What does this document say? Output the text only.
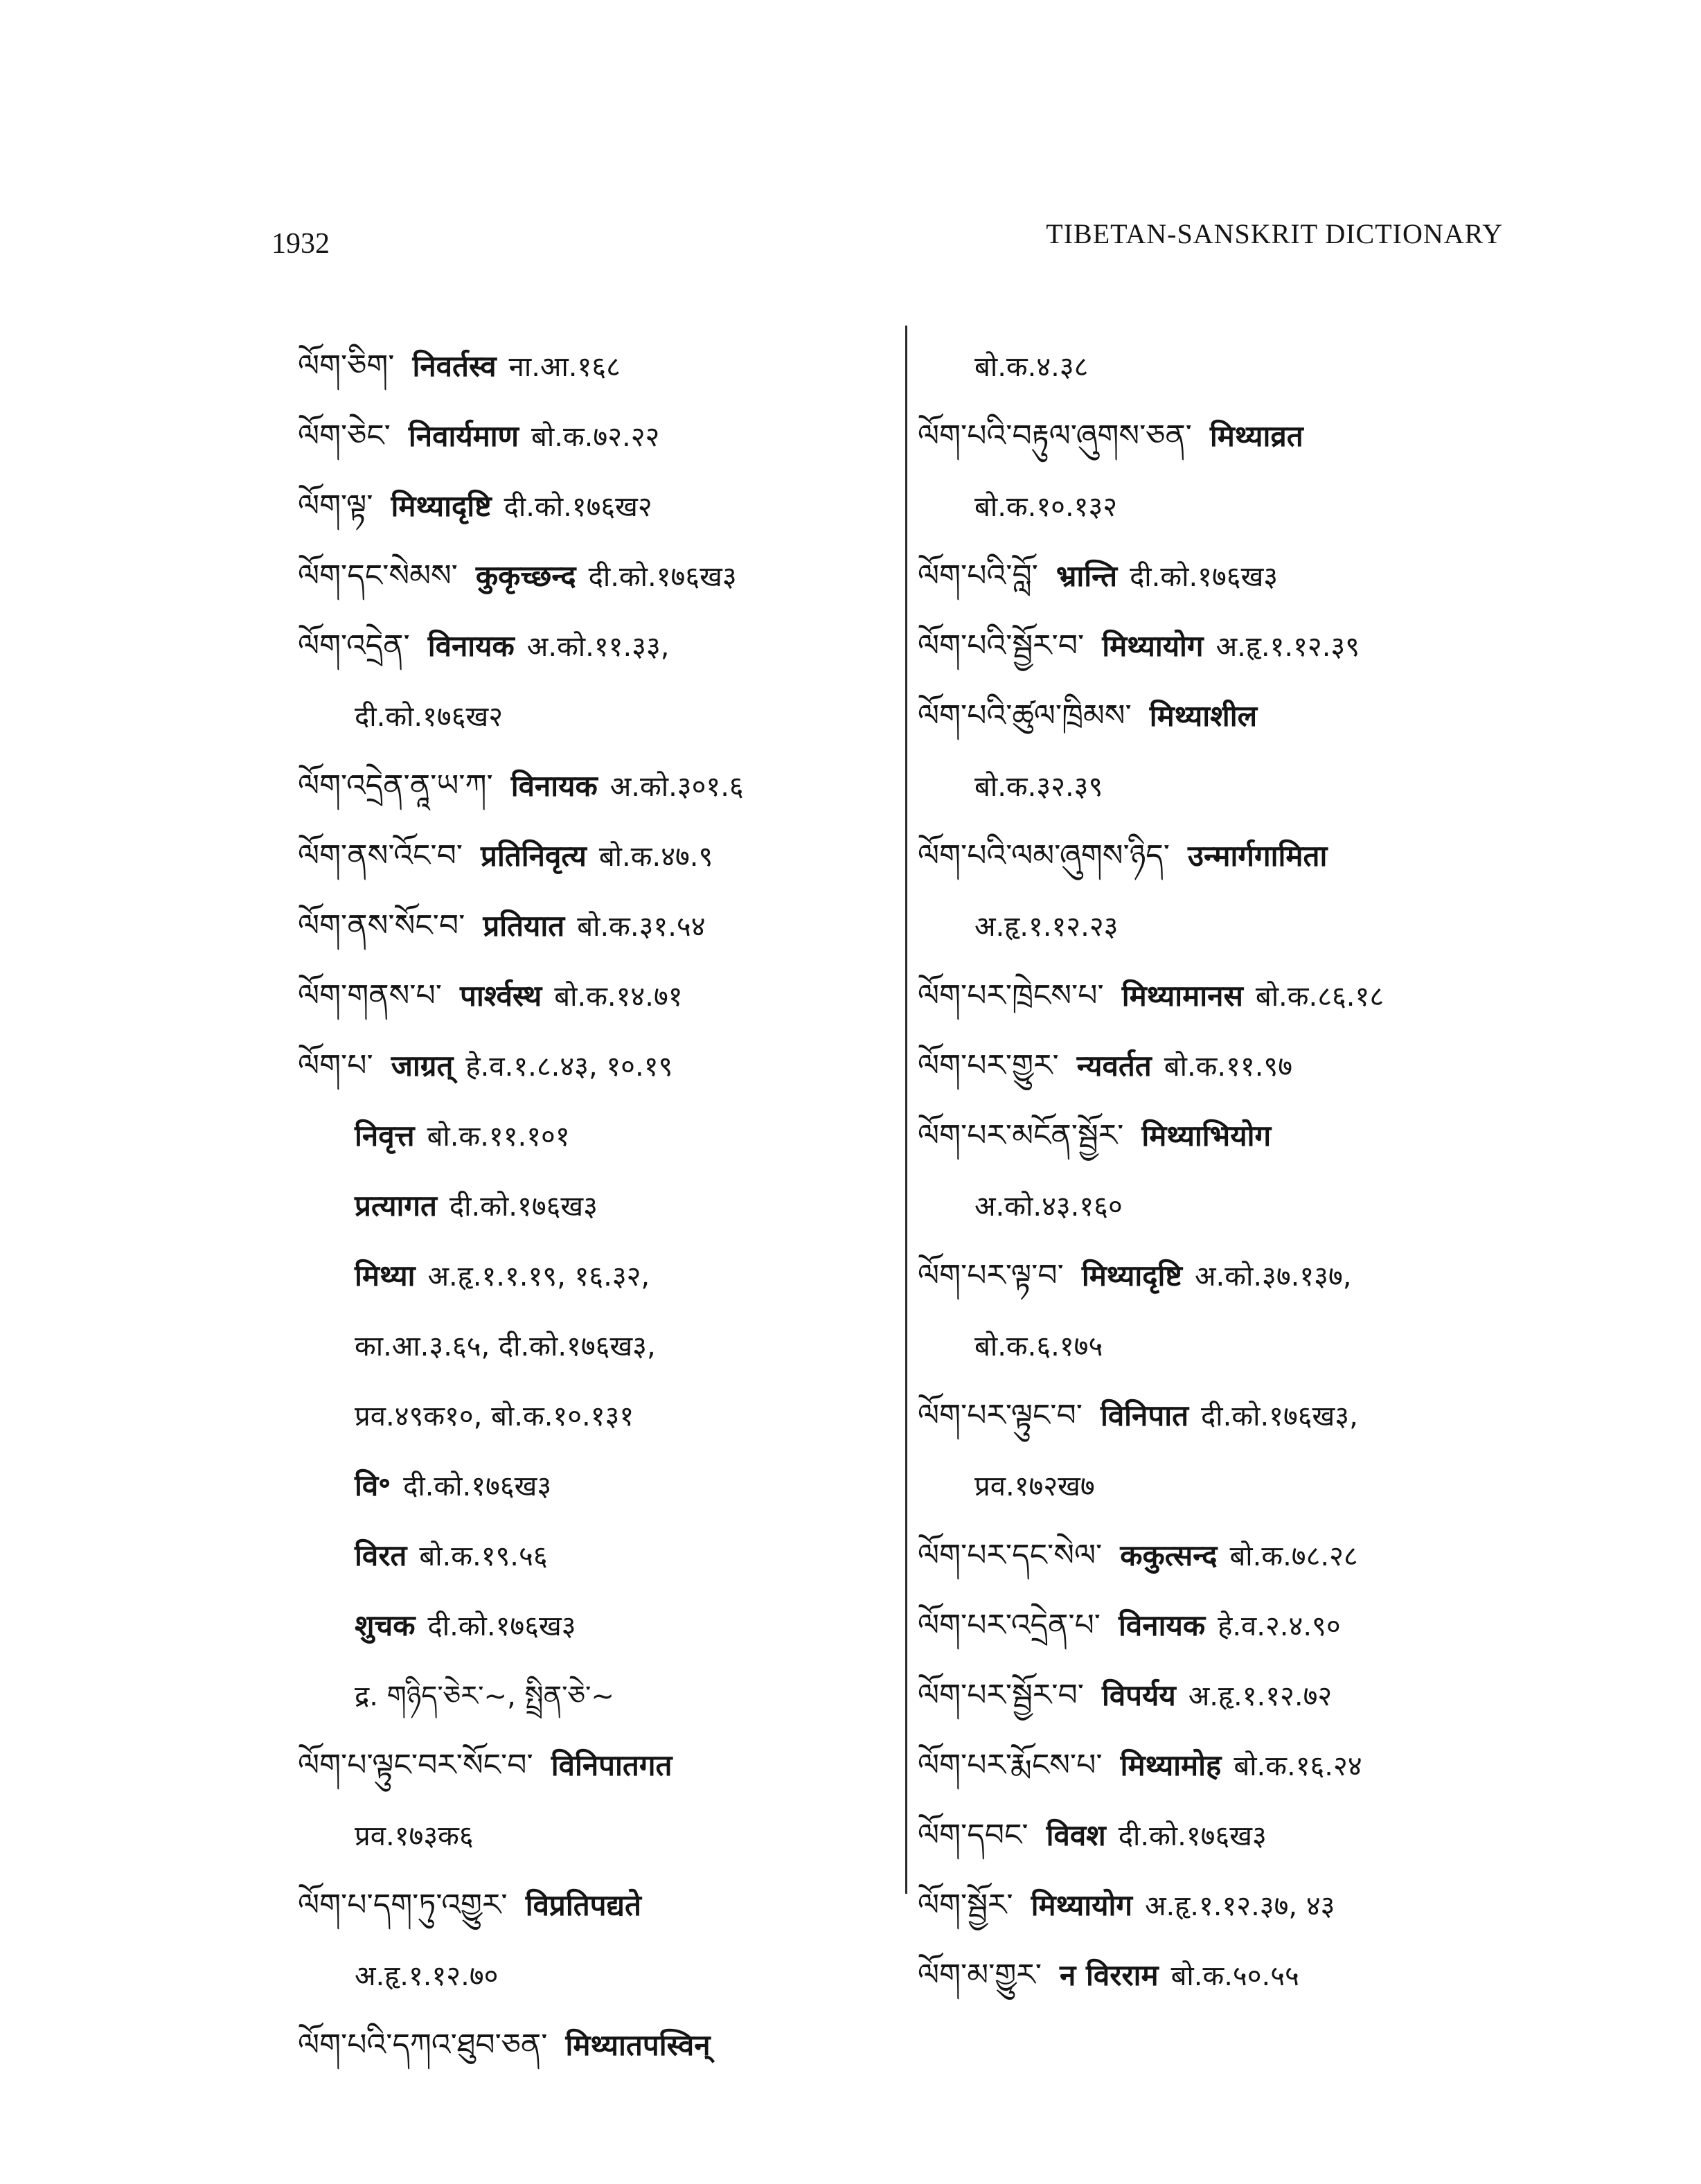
1932	TIBETAN-SANSKRIT DICTIONARY
ལོག་ཅིག་ निवर्तस्व ना.आ.१६८
ལོག་ཅེང་ निवार्यमाण बो.क.७२.२२
ལོག་ལྟ་ मिथ्यादृष्टि दी.को.१७६ख२
ལོག་དང་སེམས་ कुकृच्छन्द दी.को.१७६ख३
ལོག་འདྲེན་ विनायक अ.को.११.३३,
दी.को.१७६ख२
ལོག་འདྲེན་ནཱ་ཡ་ཀ་ विनायक अ.को.३०१.६
ལོག་ནས་འོང་བ་ प्रतिनिवृत्य बो.क.४७.९
ལོག་ནས་སོང་བ་ प्रतियात बो.क.३१.५४
ལོག་གནས་པ་ पार्श्वस्थ बो.क.१४.७१
ལོག་པ་ जाग्रत् हे.व.१.८.४३, १०.१९
निवृत्त बो.क.११.१०१
प्रत्यागत दी.को.१७६ख३
मिथ्या अ.हृ.१.१.१९, १६.३२,
का.आ.३.६५, दी.को.१७६ख३,
प्रव.४९क१०, बो.क.१०.१३१
वि॰ दी.को.१७६ख३
विरत बो.क.१९.५६
शुचक दी.को.१७६ख३
द्र. གཉིད་ཅེར་~, སྤྲིན་ཅེ་~
ལོག་པ་ལྟུང་བར་སོང་བ་ विनिपातगत
प्रव.१७३क६
ལོག་པ་དག་ཏུ་འགྱུར་ विप्रतिपद्यते
अ.हृ.१.१२.७०
ལོག་པའི་དཀའ་ཐུབ་ཅན་ मिथ्यातपस्विन्
बो.क.४.३८
ལོག་པའི་བརྟུལ་ཞུགས་ཅན་ मिथ्याव्रत
बो.क.१०.१३२
ལོག་པའི་བློ་ भ्रान्ति दी.को.१७६ख३
ལོག་པའི་སྦྱོར་བ་ मिथ्यायोग अ.हृ.१.१२.३९
ལོག་པའི་ཚུལ་ཁྲིམས་ मिथ्याशील
बो.क.३२.३९
ལོག་པའི་ལམ་ཞུགས་ཉིད་ उन्मार्गगामिता
अ.हृ.१.१२.२३
ལོག་པར་ཁྲེངས་པ་ मिथ्यामानस बो.क.८६.१८
ལོག་པར་གྱུར་ न्यवर्तत बो.क.११.९७
ལོག་པར་མངོན་སྦྱོར་ मिथ्याभियोग
अ.को.४३.१६०
ལོག་པར་ལྟ་བ་ मिथ्यादृष्टि अ.को.३७.१३७,
बो.क.६.१७५
ལོག་པར་ལྟུང་བ་ विनिपात दी.को.१७६ख३,
प्रव.१७२ख७
ལོག་པར་དང་སེལ་ ककुत्सन्द बो.क.७८.२८
ལོག་པར་འདྲེན་པ་ विनायक हे.व.२.४.९०
ལོག་པར་སྦྱོར་བ་ विपर्यय अ.हृ.१.१२.७२
ལོག་པར་རྨོངས་པ་ मिथ्यामोह बो.क.१६.२४
ལོག་དབང་ विवश दी.को.१७६ख३
ལོག་སྦྱོར་ मिथ्यायोग अ.हृ.१.१२.३७, ४३
ལོག་མ་གྱུར་ न विरराम बो.क.५०.५५
